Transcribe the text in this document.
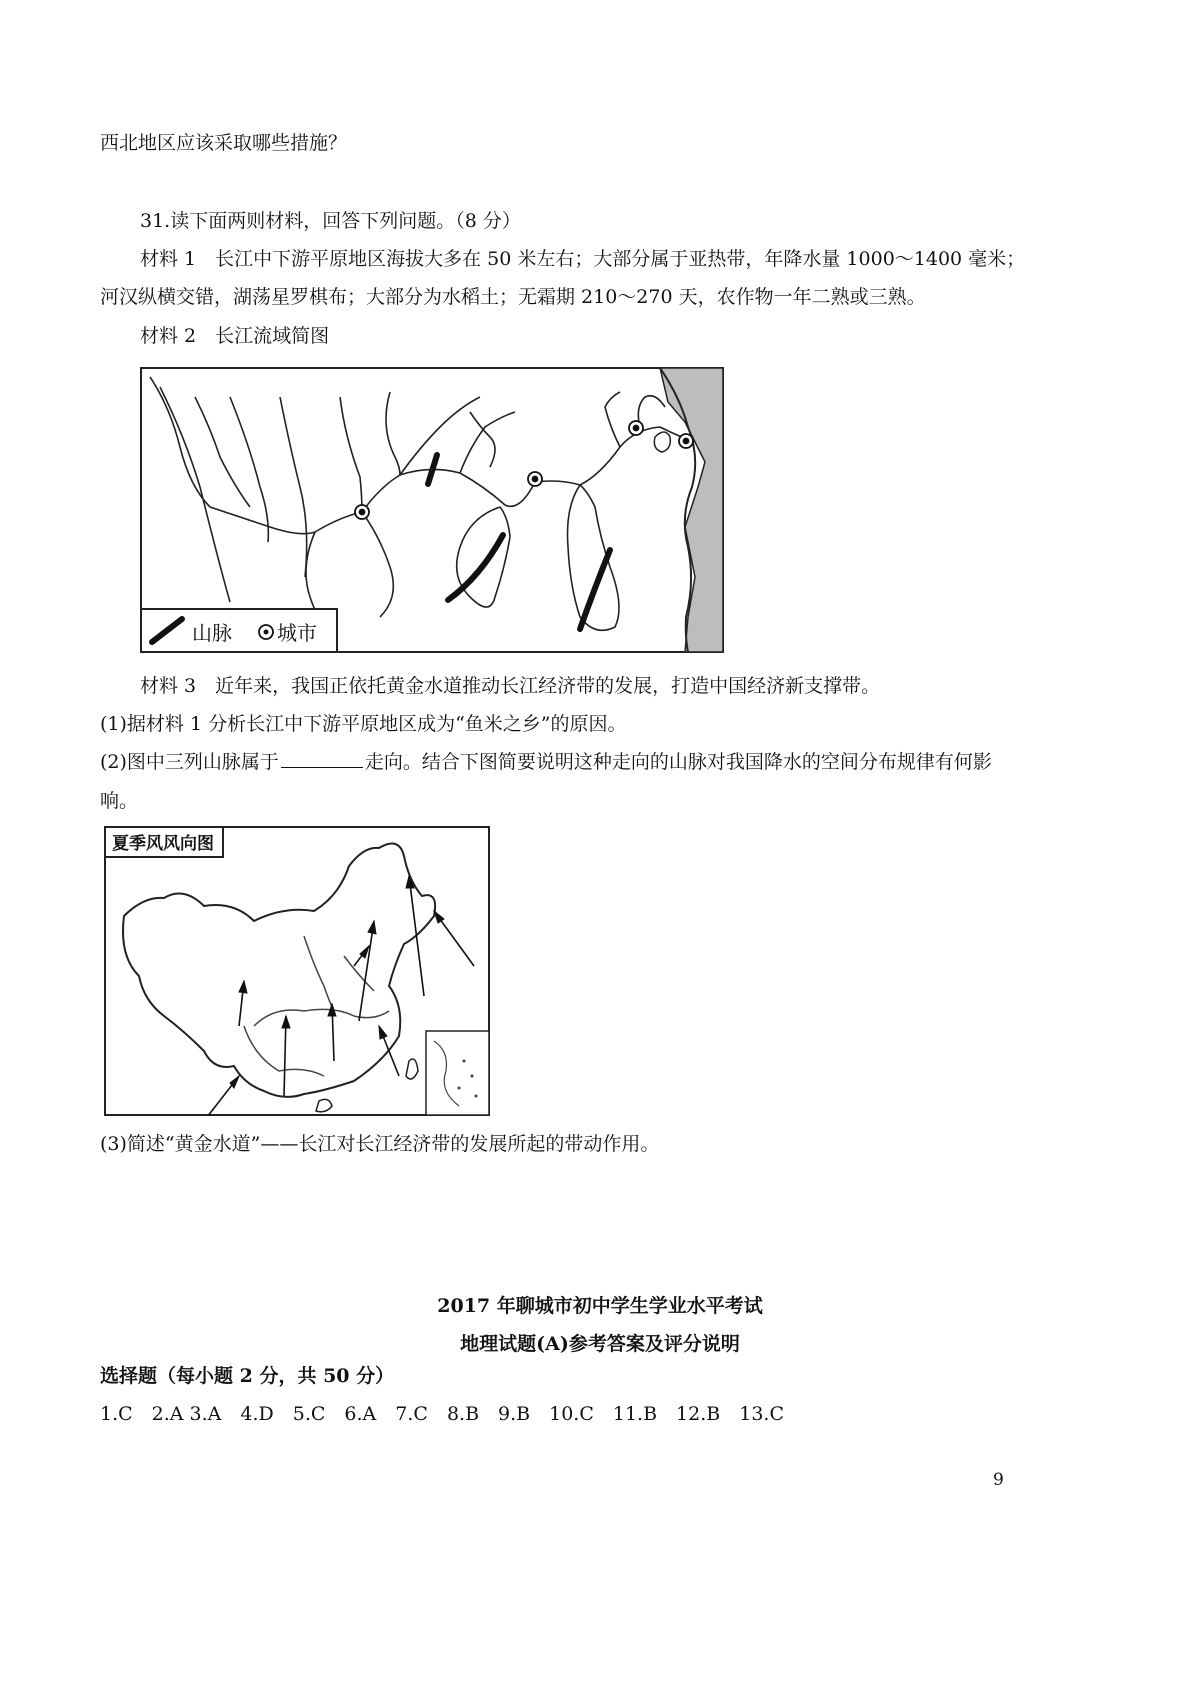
西北地区应该采取哪些措施？
31.读下面两则材料，回答下列问题。（8 分）
材料 1　长江中下游平原地区海拔大多在 50 米左右；大部分属于亚热带，年降水量 1000～1400 毫米；
河汉纵横交错，湖荡星罗棋布；大部分为水稻土；无霜期 210～270 天，农作物一年二熟或三熟。
材料 2　长江流域简图
山脉 城市
材料 3　近年来，我国正依托黄金水道推动长江经济带的发展，打造中国经济新支撑带。
(1)据材料 1 分析长江中下游平原地区成为“鱼米之乡”的原因。
(2)图中三列山脉属于	走向。结合下图简要说明这种走向的山脉对我国降水的空间分布规律有何影
响。
夏季风风向图
(3)简述“黄金水道”——长江对长江经济带的发展所起的带动作用。
2017 年聊城市初中学生学业水平考试
地理试题(A)参考答案及评分说明
选择题（每小题 2 分，共 50 分）
1.C　2.A 3.A　4.D　5.C　6.A　7.C　8.B　9.B　10.C　11.B　12.B　13.C
9
